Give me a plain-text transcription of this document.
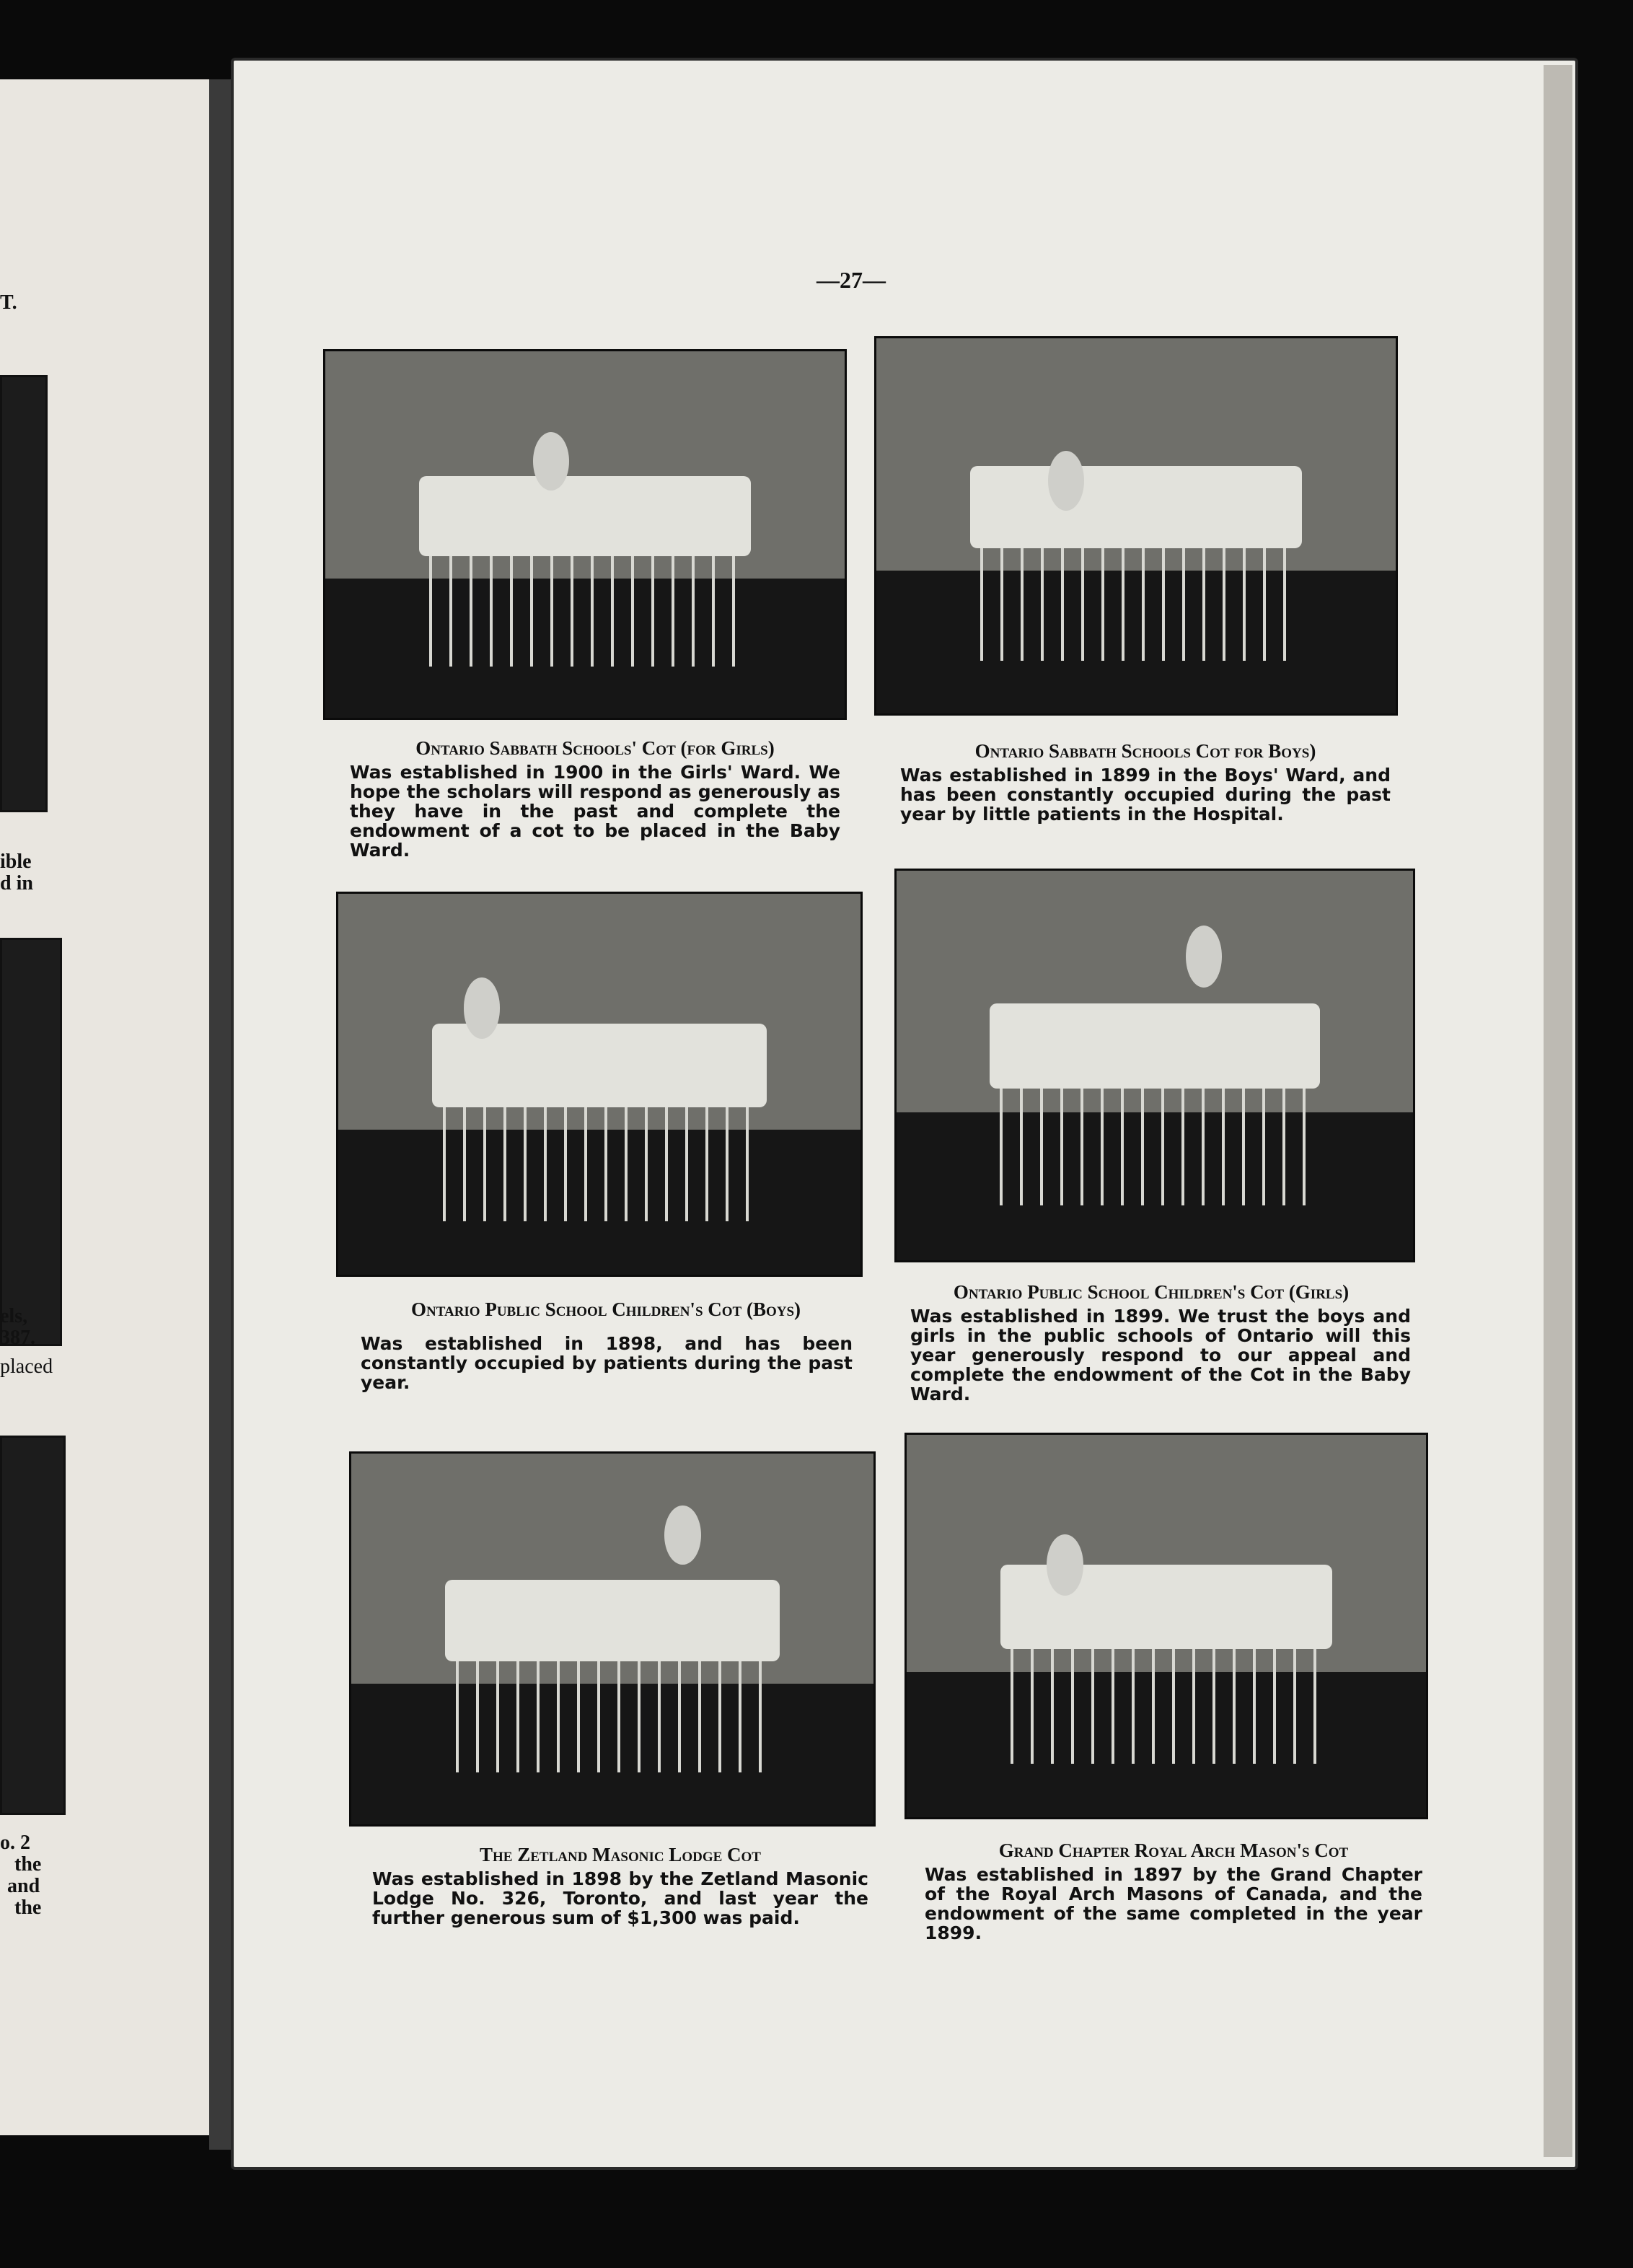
T.
ible
d in
els,
387.
placed
o. 2
the
and
the
—27—
Ontario Sabbath Schools' Cot (for Girls)
Was established in 1900 in the Girls' Ward. We hope the scholars will respond as generously as they have in the past and complete the endowment of a cot to be placed in the Baby Ward.
Ontario Sabbath Schools Cot for Boys)
Was established in 1899 in the Boys' Ward, and has been constantly occupied during the past year by little patients in the Hospital.
Ontario Public School Children's Cot (Boys)
Was established in 1898, and has been constantly occupied by patients during the past year.
Ontario Public School Children's Cot (Girls)
Was established in 1899. We trust the boys and girls in the public schools of Ontario will this year generously respond to our appeal and complete the endowment of the Cot in the Baby Ward.
The Zetland Masonic Lodge Cot
Was established in 1898 by the Zetland Masonic Lodge No. 326, Toronto, and last year the further generous sum of $1,300 was paid.
Grand Chapter Royal Arch Mason's Cot
Was established in 1897 by the Grand Chapter of the Royal Arch Masons of Canada, and the endowment of the same completed in the year 1899.
